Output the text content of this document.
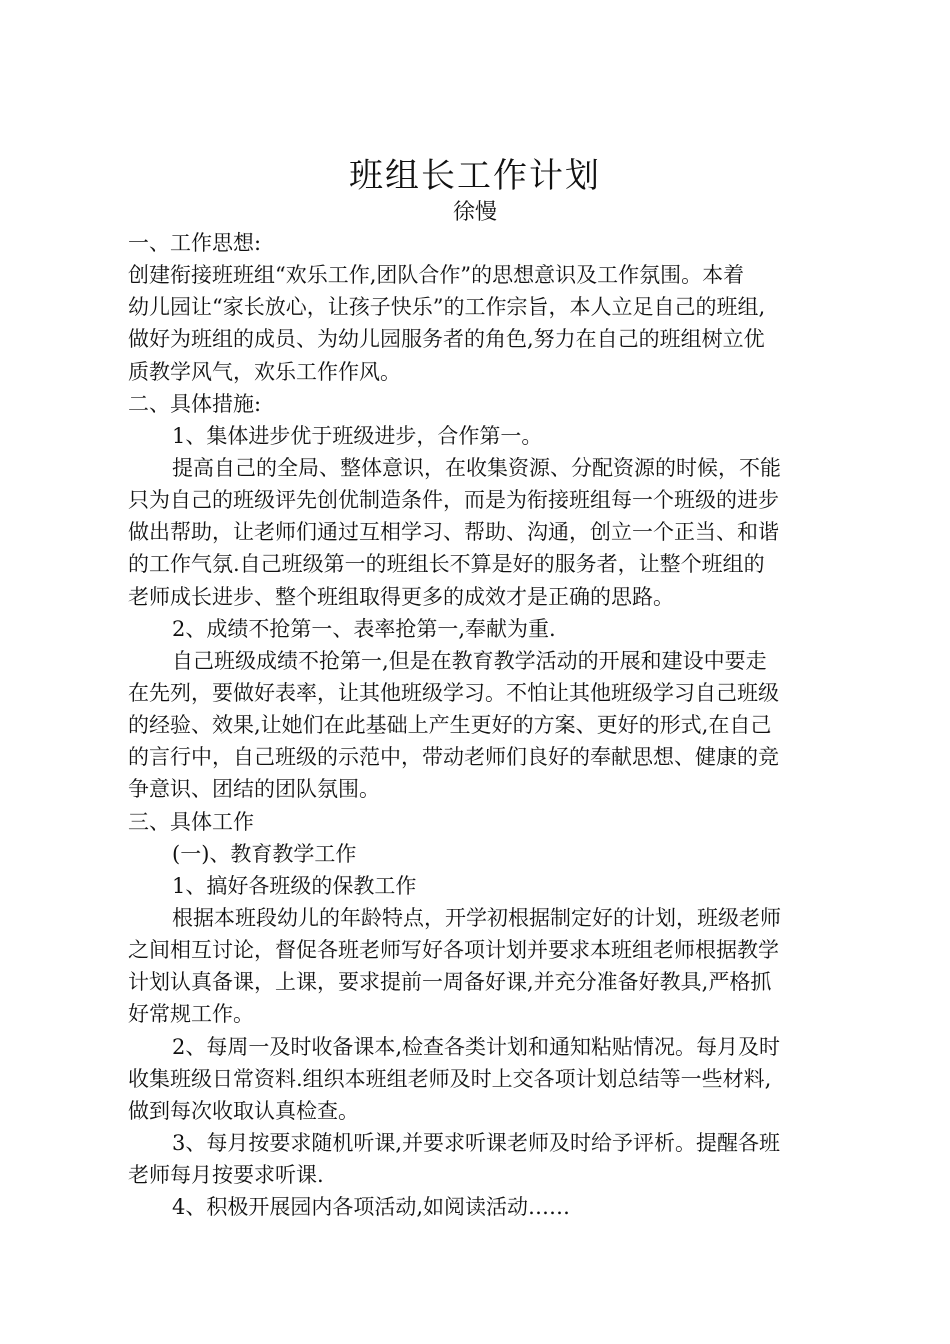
班组长工作计划
徐慢
一、工作思想:
创建衔接班班组“欢乐工作,团队合作”的思想意识及工作氛围。本着
幼儿园让“家长放心，让孩子快乐”的工作宗旨，本人立足自己的班组,
做好为班组的成员、为幼儿园服务者的角色,努力在自己的班组树立优
质教学风气，欢乐工作作风。
二、具体措施:
1、集体进步优于班级进步，合作第一。
提高自己的全局、整体意识，在收集资源、分配资源的时候，不能
只为自己的班级评先创优制造条件，而是为衔接班组每一个班级的进步
做出帮助，让老师们通过互相学习、帮助、沟通，创立一个正当、和谐
的工作气氛.自己班级第一的班组长不算是好的服务者，让整个班组的
老师成长进步、整个班组取得更多的成效才是正确的思路。
2、成绩不抢第一、表率抢第一,奉献为重.
自己班级成绩不抢第一,但是在教育教学活动的开展和建设中要走
在先列，要做好表率，让其他班级学习。不怕让其他班级学习自己班级
的经验、效果,让她们在此基础上产生更好的方案、更好的形式,在自己
的言行中，自己班级的示范中，带动老师们良好的奉献思想、健康的竞
争意识、团结的团队氛围。
三、具体工作
(一)、教育教学工作
1、搞好各班级的保教工作
根据本班段幼儿的年龄特点，开学初根据制定好的计划，班级老师
之间相互讨论，督促各班老师写好各项计划并要求本班组老师根据教学
计划认真备课，上课，要求提前一周备好课,并充分准备好教具,严格抓
好常规工作。
2、每周一及时收备课本,检查各类计划和通知粘贴情况。每月及时
收集班级日常资料.组织本班组老师及时上交各项计划总结等一些材料,
做到每次收取认真检查。
3、每月按要求随机听课,并要求听课老师及时给予评析。提醒各班
老师每月按要求听课.
4、积极开展园内各项活动,如阅读活动……
